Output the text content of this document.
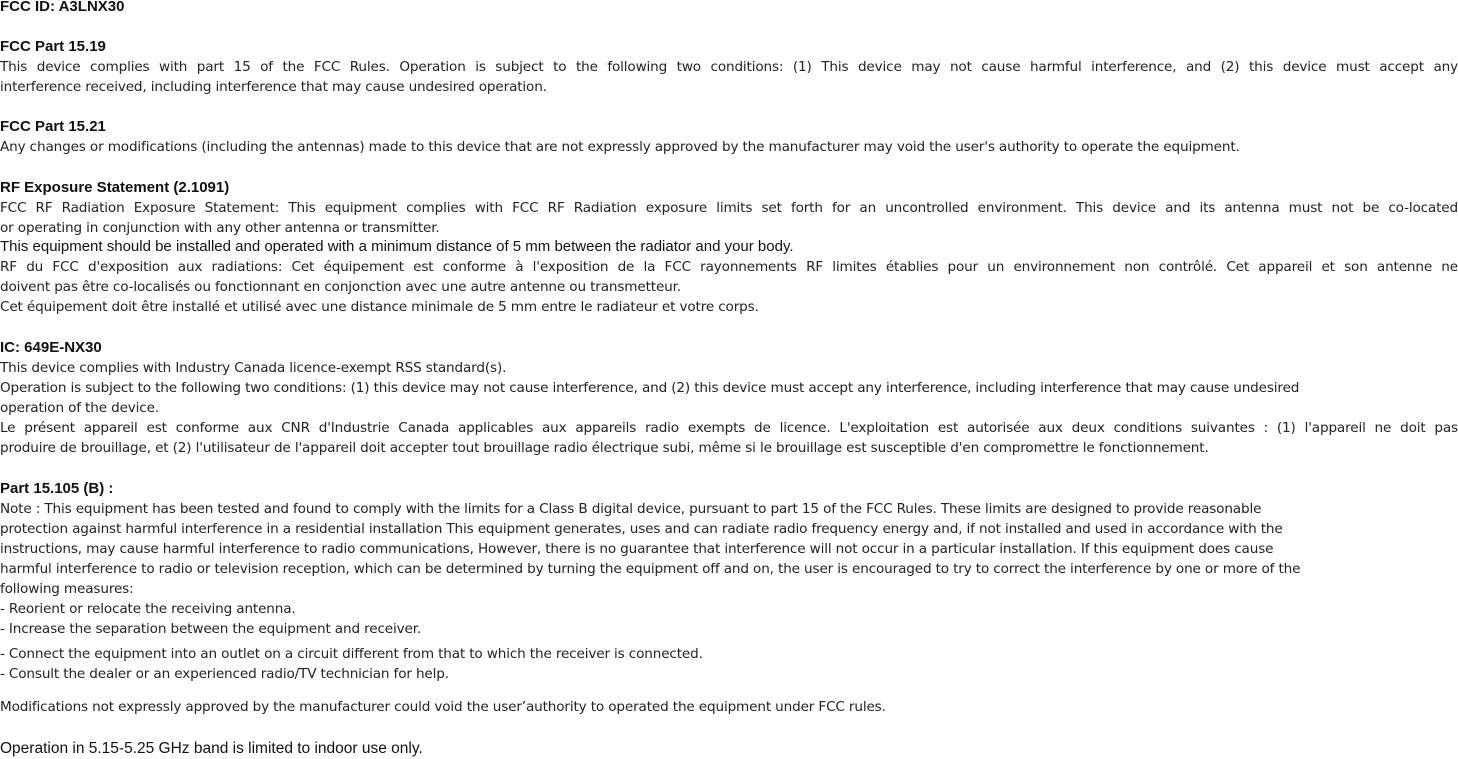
FCC ID: A3LNX30
FCC Part 15.19
This device complies with part 15 of the FCC Rules. Operation is subject to the following two conditions: (1) This device may not cause harmful interference, and (2) this device must accept any
interference received, including interference that may cause undesired operation.
FCC Part 15.21
Any changes or modifications (including the antennas) made to this device that are not expressly approved by the manufacturer may void the user's authority to operate the equipment.
RF Exposure Statement (2.1091)
FCC RF Radiation Exposure Statement: This equipment complies with FCC RF Radiation exposure limits set forth for an uncontrolled environment. This device and its antenna must not be co-located
or operating in conjunction with any other antenna or transmitter.
This equipment should be installed and operated with a minimum distance of 5 mm between the radiator and your body.
RF du FCC d'exposition aux radiations: Cet équipement est conforme à l'exposition de la FCC rayonnements RF limites établies pour un environnement non contrôlé. Cet appareil et son antenne ne
doivent pas être co-localisés ou fonctionnant en conjonction avec une autre antenne ou transmetteur.
Cet équipement doit être installé et utilisé avec une distance minimale de 5 mm entre le radiateur et votre corps.
IC: 649E-NX30
This device complies with Industry Canada licence-exempt RSS standard(s).
Operation is subject to the following two conditions: (1) this device may not cause interference, and (2) this device must accept any interference, including interference that may cause undesired
operation of the device.
Le présent appareil est conforme aux CNR d'Industrie Canada applicables aux appareils radio exempts de licence. L'exploitation est autorisée aux deux conditions suivantes : (1) l'appareil ne doit pas
produire de brouillage, et (2) l'utilisateur de l'appareil doit accepter tout brouillage radio électrique subi, même si le brouillage est susceptible d'en compromettre le fonctionnement.
Part 15.105 (B) :
Note : This equipment has been tested and found to comply with the limits for a Class B digital device, pursuant to part 15 of the FCC Rules. These limits are designed to provide reasonable
protection against harmful interference in a residential installation This equipment generates, uses and can radiate radio frequency energy and, if not installed and used in accordance with the
instructions, may cause harmful interference to radio communications, However, there is no guarantee that interference will not occur in a particular installation. If this equipment does cause
harmful interference to radio or television reception, which can be determined by turning the equipment off and on, the user is encouraged to try to correct the interference by one or more of the
following measures:
- Reorient or relocate the receiving antenna.
- Increase the separation between the equipment and receiver.
- Connect the equipment into an outlet on a circuit different from that to which the receiver is connected.
- Consult the dealer or an experienced radio/TV technician for help.
Modifications not expressly approved by the manufacturer could void the user’authority to operated the equipment under FCC rules.
Operation in 5.15-5.25 GHz band is limited to indoor use only.
